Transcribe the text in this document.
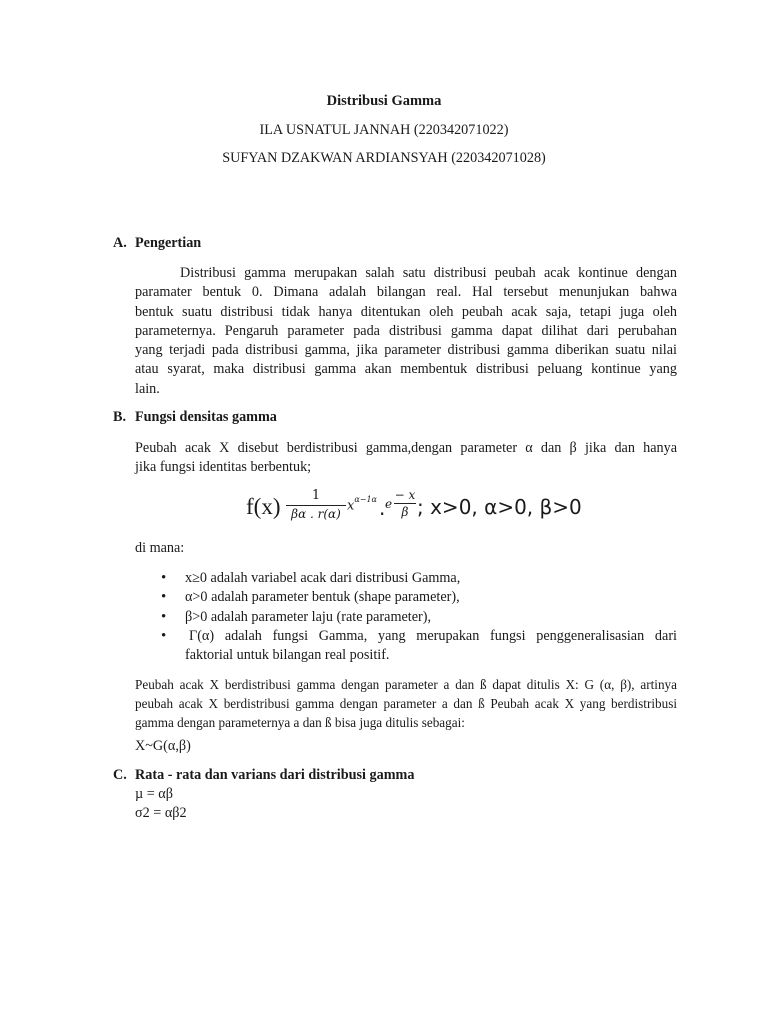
Distribusi Gamma
ILA USNATUL JANNAH (220342071022)
SUFYAN DZAKWAN ARDIANSYAH (220342071028)
A. Pengertian
Distribusi gamma merupakan salah satu distribusi peubah acak kontinue dengan
paramater bentuk 0. Dimana adalah bilangan real. Hal tersebut menunjukan bahwa
bentuk suatu distribusi tidak hanya ditentukan oleh peubah acak saja, tetapi juga oleh
parameternya. Pengaruh parameter pada distribusi gamma dapat dilihat dari perubahan
yang terjadi pada distribusi gamma, jika parameter distribusi gamma diberikan suatu nilai
atau syarat, maka distribusi gamma akan membentuk distribusi peluang kontinue yang
lain.
B. Fungsi densitas gamma
Peubah acak X disebut berdistribusi gamma,dengan parameter α dan β jika dan hanya
jika fungsi identitas berbentuk;
f(x)	1
βα . r(α)
$x^{\alpha-1\alpha}$ . e
− x
β ; x>0, α>0, β>0
di mana:
• x≥0 adalah variabel acak dari distribusi Gamma,
• α>0 adalah parameter bentuk (shape parameter),
• β>0 adalah parameter laju (rate parameter),
• Γ(α) adalah fungsi Gamma, yang merupakan fungsi penggeneralisasian dari
faktorial untuk bilangan real positif.
Peubah acak X berdistribusi gamma dengan parameter a dan ß dapat ditulis X: G (α, β), artinya
peubah acak X berdistribusi gamma dengan parameter a dan ß Peubah acak X yang berdistribusi
gamma dengan parameternya a dan ß bisa juga ditulis sebagai:
X~G(α,β)
C. Rata - rata dan varians dari distribusi gamma
µ = αβ
σ2 = αβ2
